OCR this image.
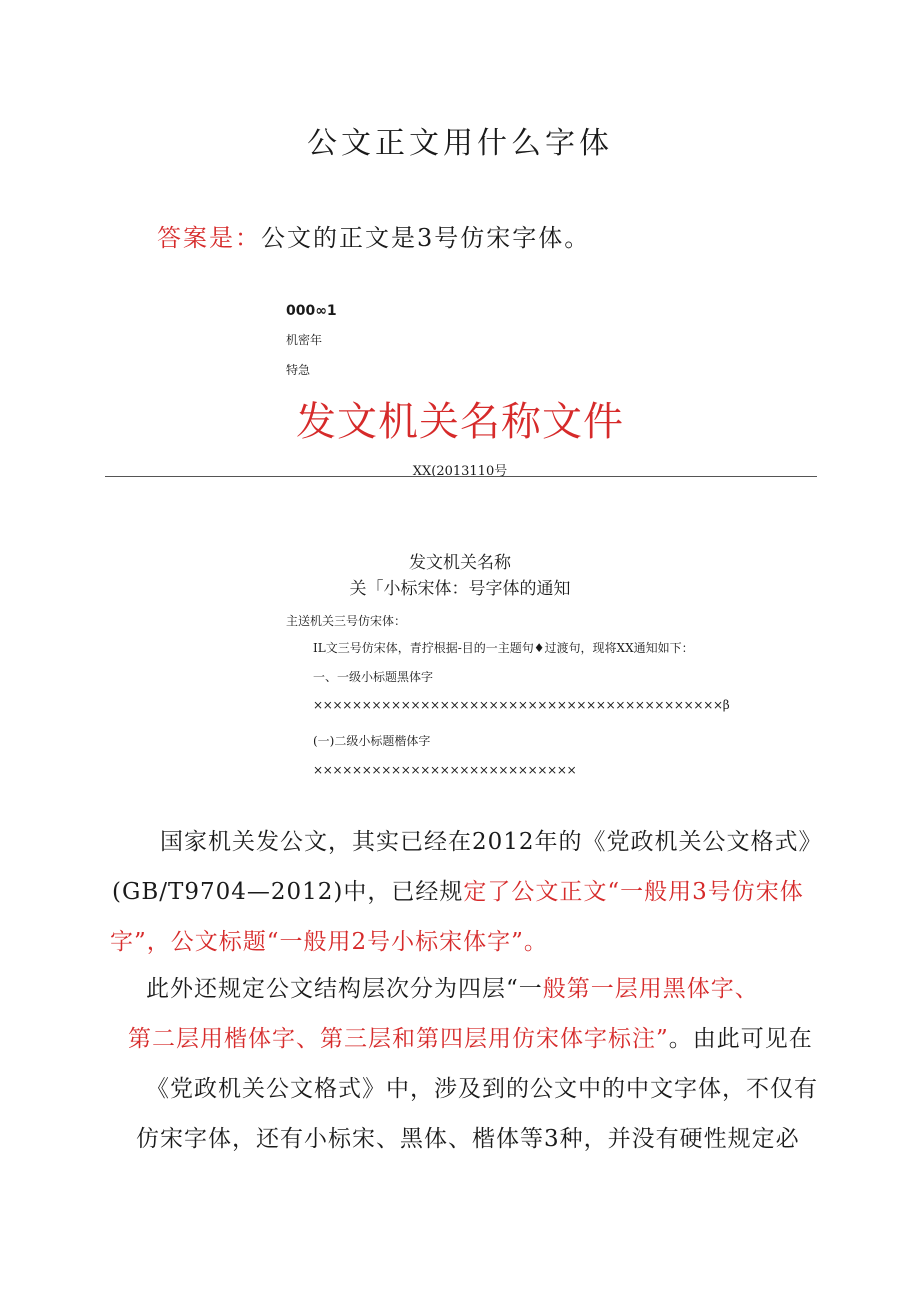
公文正文用什么字体
答案是：公文的正文是3号仿宋字体。
000∞1
机密年
特急
发文机关名称文件
XX(2013110号
发文机关名称
关「小标宋体：号字体的通知
主送机关三号仿宋体：
IL文三号仿宋体，青拧根据-目的一主题句♦过渡句，现将XX通知如下：
一、一级小标题黑体字
××××××××××××××××××××××××××××××××××××××××××β
(一)二级小标题楷体字
×××××××××××××××××××××××××××
国家机关发公文，其实已经在2012年的《党政机关公文格式》
(GB/T9704—2012)中，已经规定了公文正文“一般用3号仿宋体
字”，公文标题“一般用2号小标宋体字”。
此外还规定公文结构层次分为四层“一般第一层用黑体字、
第二层用楷体字、第三层和第四层用仿宋体字标注”。由此可见在
《党政机关公文格式》中，涉及到的公文中的中文字体，不仅有
仿宋字体，还有小标宋、黑体、楷体等3种，并没有硬性规定必
